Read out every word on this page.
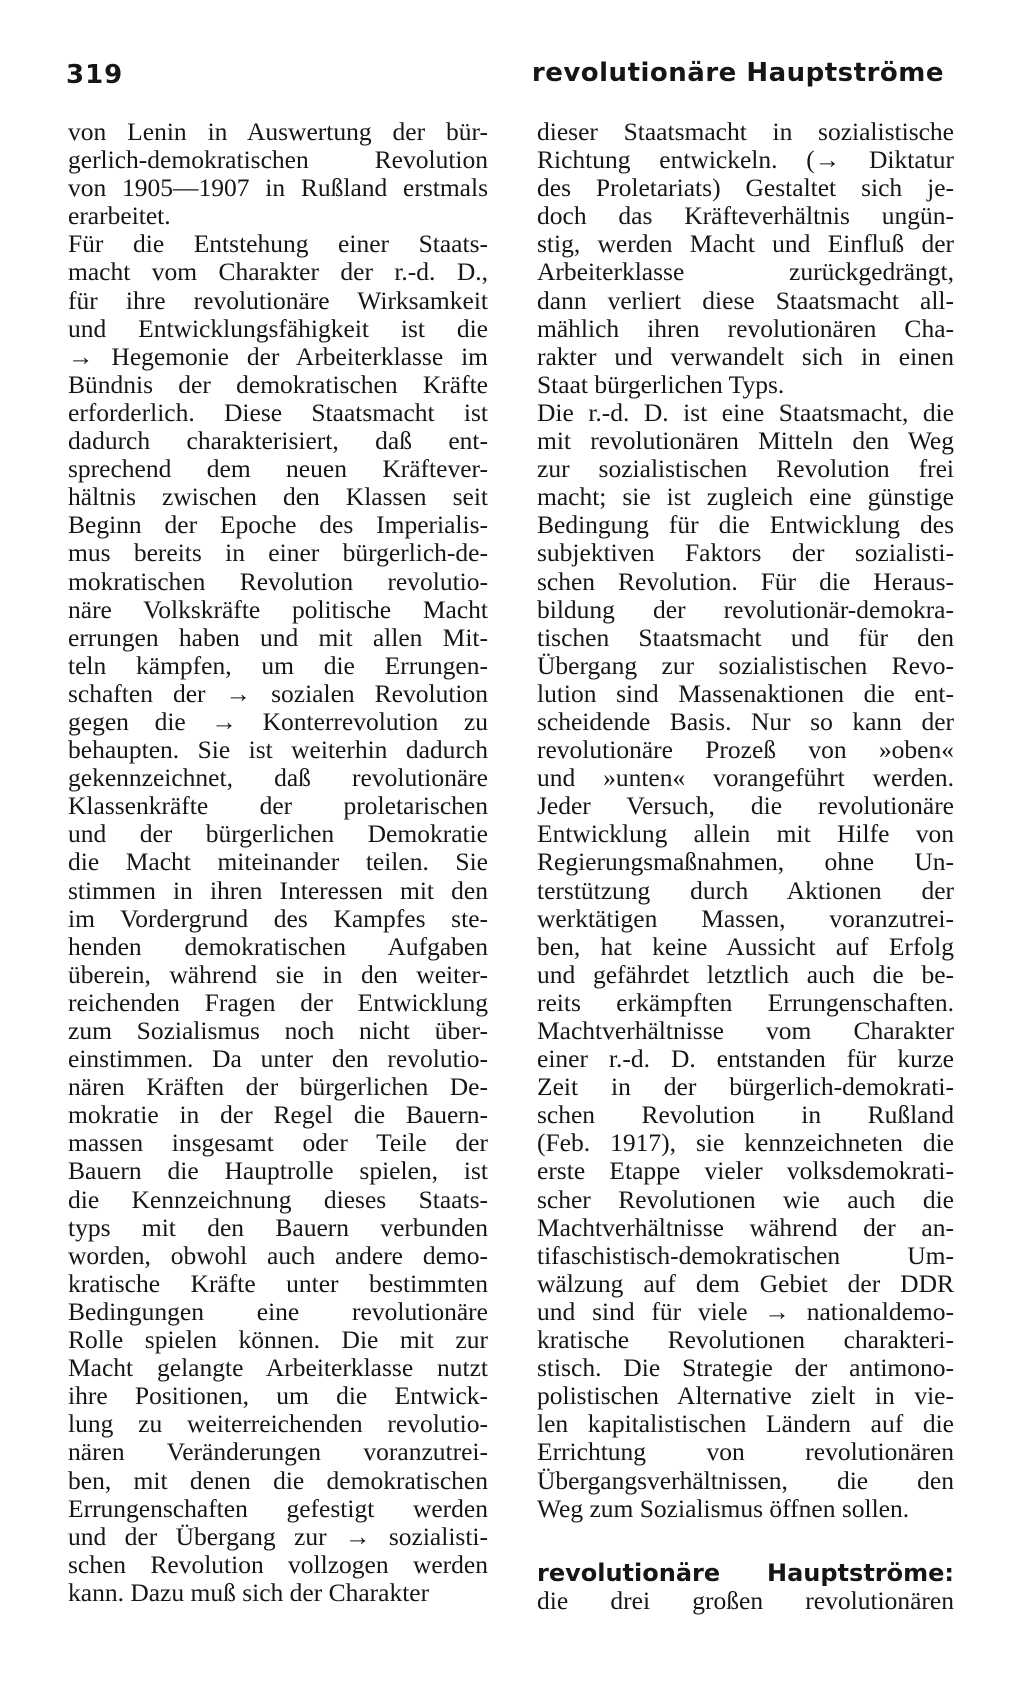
319	revolutionäre Hauptströme
von Lenin in Auswertung der bür-
gerlich-demokratischen Revolution
von 1905—1907 in Rußland erstmals
erarbeitet.
Für die Entstehung einer Staats-
macht vom Charakter der r.-d. D.,
für ihre revolutionäre Wirksamkeit
und Entwicklungsfähigkeit ist die
→ Hegemonie der Arbeiterklasse im
Bündnis der demokratischen Kräfte
erforderlich. Diese Staatsmacht ist
dadurch charakterisiert, daß ent-
sprechend dem neuen Kräftever-
hältnis zwischen den Klassen seit
Beginn der Epoche des Imperialis-
mus bereits in einer bürgerlich-de-
mokratischen Revolution revolutio-
näre Volkskräfte politische Macht
errungen haben und mit allen Mit-
teln kämpfen, um die Errungen-
schaften der → sozialen Revolution
gegen die → Konterrevolution zu
behaupten. Sie ist weiterhin dadurch
gekennzeichnet, daß revolutionäre
Klassenkräfte der proletarischen
und der bürgerlichen Demokratie
die Macht miteinander teilen. Sie
stimmen in ihren Interessen mit den
im Vordergrund des Kampfes ste-
henden demokratischen Aufgaben
überein, während sie in den weiter-
reichenden Fragen der Entwicklung
zum Sozialismus noch nicht über-
einstimmen. Da unter den revolutio-
nären Kräften der bürgerlichen De-
mokratie in der Regel die Bauern-
massen insgesamt oder Teile der
Bauern die Hauptrolle spielen, ist
die Kennzeichnung dieses Staats-
typs mit den Bauern verbunden
worden, obwohl auch andere demo-
kratische Kräfte unter bestimmten
Bedingungen eine revolutionäre
Rolle spielen können. Die mit zur
Macht gelangte Arbeiterklasse nutzt
ihre Positionen, um die Entwick-
lung zu weiterreichenden revolutio-
nären Veränderungen voranzutrei-
ben, mit denen die demokratischen
Errungenschaften gefestigt werden
und der Übergang zur → sozialisti-
schen Revolution vollzogen werden
kann. Dazu muß sich der Charakter
dieser Staatsmacht in sozialistische
Richtung entwickeln. (→ Diktatur
des Proletariats) Gestaltet sich je-
doch das Kräfteverhältnis ungün-
stig, werden Macht und Einfluß der
Arbeiterklasse zurückgedrängt,
dann verliert diese Staatsmacht all-
mählich ihren revolutionären Cha-
rakter und verwandelt sich in einen
Staat bürgerlichen Typs.
Die r.-d. D. ist eine Staatsmacht, die
mit revolutionären Mitteln den Weg
zur sozialistischen Revolution frei
macht; sie ist zugleich eine günstige
Bedingung für die Entwicklung des
subjektiven Faktors der sozialisti-
schen Revolution. Für die Heraus-
bildung der revolutionär-demokra-
tischen Staatsmacht und für den
Übergang zur sozialistischen Revo-
lution sind Massenaktionen die ent-
scheidende Basis. Nur so kann der
revolutionäre Prozeß von »oben«
und »unten« vorangeführt werden.
Jeder Versuch, die revolutionäre
Entwicklung allein mit Hilfe von
Regierungsmaßnahmen, ohne Un-
terstützung durch Aktionen der
werktätigen Massen, voranzutrei-
ben, hat keine Aussicht auf Erfolg
und gefährdet letztlich auch die be-
reits erkämpften Errungenschaften.
Machtverhältnisse vom Charakter
einer r.-d. D. entstanden für kurze
Zeit in der bürgerlich-demokrati-
schen Revolution in Rußland
(Feb. 1917), sie kennzeichneten die
erste Etappe vieler volksdemokrati-
scher Revolutionen wie auch die
Machtverhältnisse während der an-
tifaschistisch-demokratischen Um-
wälzung auf dem Gebiet der DDR
und sind für viele → nationaldemo-
kratische Revolutionen charakteri-
stisch. Die Strategie der antimono-
polistischen Alternative zielt in vie-
len kapitalistischen Ländern auf die
Errichtung von revolutionären
Übergangsverhältnissen, die den
Weg zum Sozialismus öffnen sollen.
revolutionäre Hauptströme:
die drei großen revolutionären
